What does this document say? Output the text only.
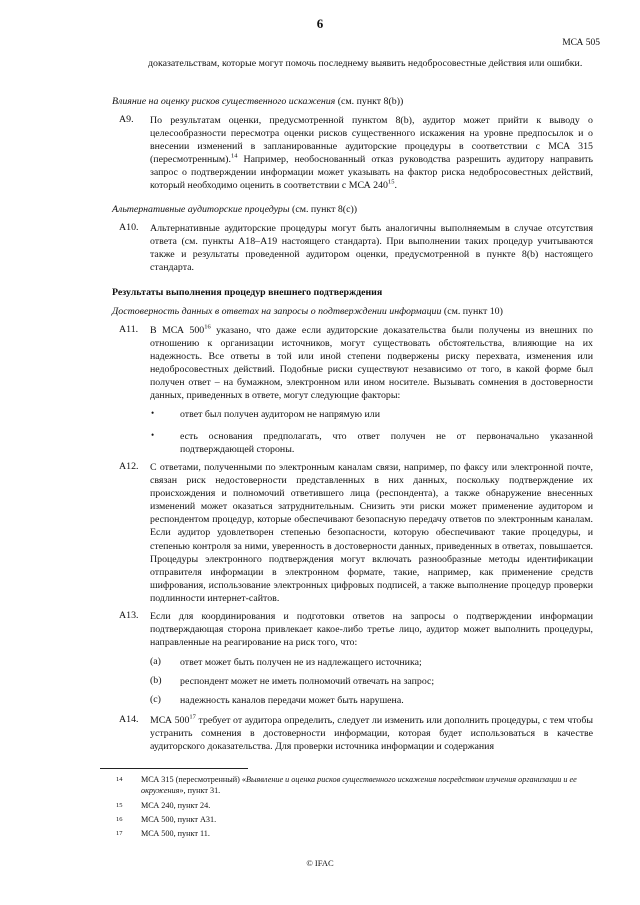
6
МСА 505
доказательствам, которые могут помочь последнему выявить недобросовестные действия или ошибки.
Влияние на оценку рисков существенного искажения (см. пункт 8(b))
A9. По результатам оценки, предусмотренной пунктом 8(b), аудитор может прийти к выводу о целесообразности пересмотра оценки рисков существенного искажения на уровне предпосылок и о внесении изменений в запланированные аудиторские процедуры в соответствии с МСА 315 (пересмотренным).$^{14}$ Например, необоснованный отказ руководства разрешить аудитору направить запрос о подтверждении информации может указывать на фактор риска недобросовестных действий, который необходимо оценить в соответствии с МСА $240^{15}$.
Альтернативные аудиторские процедуры (см. пункт 8(c))
A10. Альтернативные аудиторские процедуры могут быть аналогичны выполняемым в случае отсутствия ответа (см. пункты A18–A19 настоящего стандарта). При выполнении таких процедур учитываются также и результаты проведенной аудитором оценки, предусмотренной в пункте 8(b) настоящего стандарта.
Результаты выполнения процедур внешнего подтверждения
Достоверность данных в ответах на запросы о подтверждении информации (см. пункт 10)
A11. В МСА $500^{16}$ указано, что даже если аудиторские доказательства были получены из внешних по отношению к организации источников, могут существовать обстоятельства, влияющие на их надежность. Все ответы в той или иной степени подвержены риску перехвата, изменения или недобросовестных действий. Подобные риски существуют независимо от того, в какой форме был получен ответ – на бумажном, электронном или ином носителе. Вызывать сомнения в достоверности данных, приведенных в ответе, могут следующие факторы:
•	ответ был получен аудитором не напрямую или
•	есть основания предполагать, что ответ получен не от первоначально указанной подтверждающей стороны.
A12. С ответами, полученными по электронным каналам связи, например, по факсу или электронной почте, связан риск недостоверности представленных в них данных, поскольку подтверждение их происхождения и полномочий ответившего лица (респондента), а также обнаружение внесенных изменений может оказаться затруднительным. Снизить эти риски может применение аудитором и респондентом процедур, которые обеспечивают безопасную передачу ответов по электронным каналам. Если аудитор удовлетворен степенью безопасности, которую обеспечивают такие процедуры, и степенью контроля за ними, уверенность в достоверности данных, приведенных в ответах, повышается. Процедуры электронного подтверждения могут включать разнообразные методы идентификации отправителя информации в электронном формате, такие, например, как применение средств шифрования, использование электронных цифровых подписей, а также выполнение процедур проверки подлинности интернет-сайтов.
A13. Если для координирования и подготовки ответов на запросы о подтверждении информации подтверждающая сторона привлекает какое-либо третье лицо, аудитор может выполнить процедуры, направленные на реагирование на риск того, что:
(a) ответ может быть получен не из надлежащего источника;
(b) респондент может не иметь полномочий отвечать на запрос;
(c) надежность каналов передачи может быть нарушена.
A14. МСА $500^{17}$ требует от аудитора определить, следует ли изменить или дополнить процедуры, с тем чтобы устранить сомнения в достоверности информации, которая будет использоваться в качестве аудиторского доказательства. Для проверки источника информации и содержания
14 МСА 315 (пересмотренный) «Выявление и оценка рисков существенного искажения посредством изучения организации и ее окружения», пункт 31.
15 МСА 240, пункт 24.
16 МСА 500, пункт A31.
17 МСА 500, пункт 11.
© IFAC
